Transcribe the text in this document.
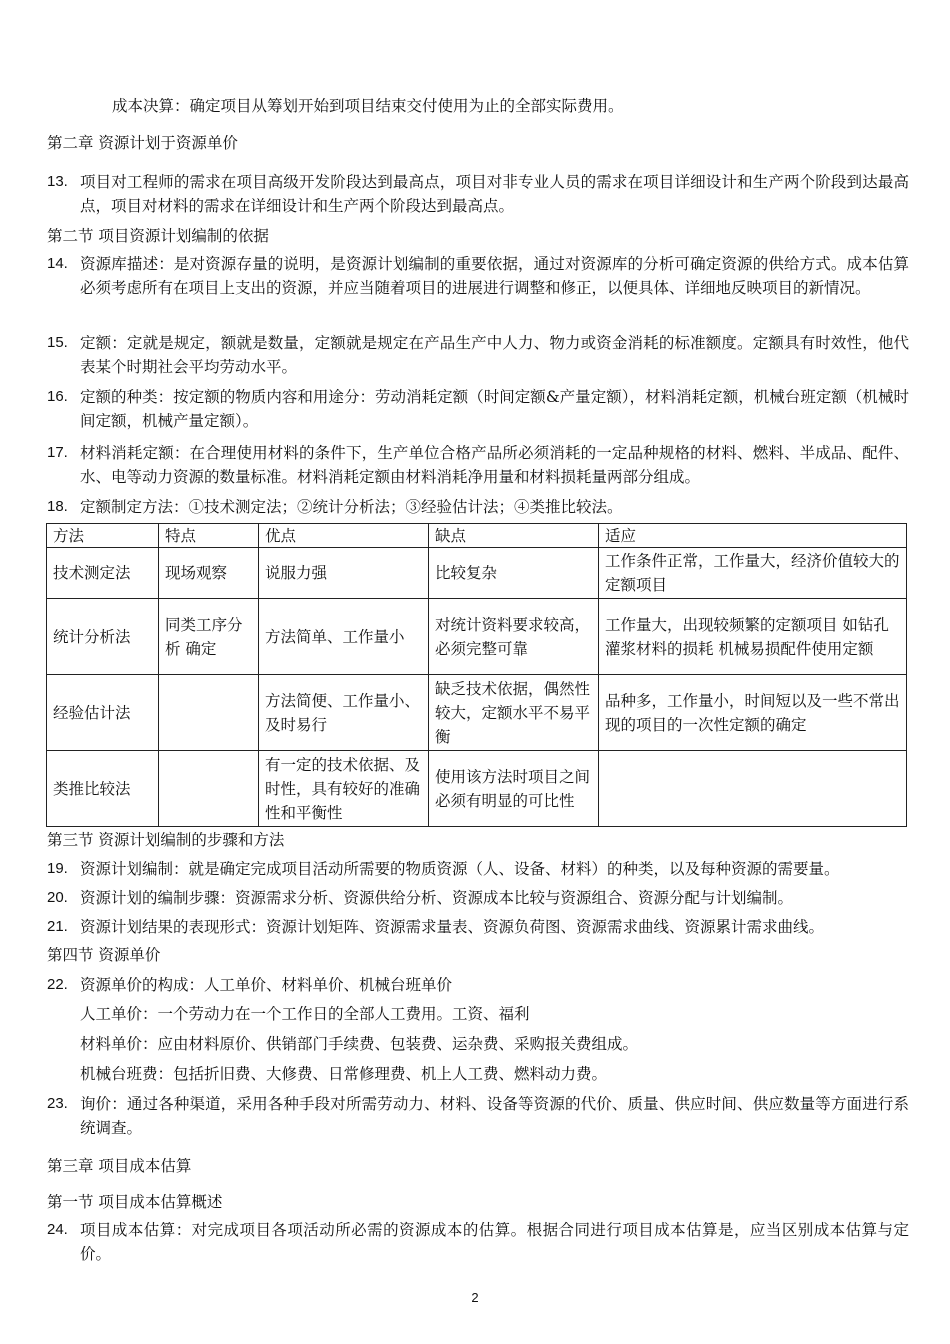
成本决算：确定项目从筹划开始到项目结束交付使用为止的全部实际费用。
第二章 资源计划于资源单价
13. 项目对工程师的需求在项目高级开发阶段达到最高点，项目对非专业人员的需求在项目详细设计和生产两个阶段到达最高点，项目对材料的需求在详细设计和生产两个阶段达到最高点。
第二节 项目资源计划编制的依据
14. 资源库描述：是对资源存量的说明，是资源计划编制的重要依据，通过对资源库的分析可确定资源的供给方式。成本估算必须考虑所有在项目上支出的资源，并应当随着项目的进展进行调整和修正，以便具体、详细地反映项目的新情况。
15. 定额：定就是规定，额就是数量，定额就是规定在产品生产中人力、物力或资金消耗的标准额度。定额具有时效性，他代表某个时期社会平均劳动水平。
16. 定额的种类：按定额的物质内容和用途分：劳动消耗定额（时间定额&产量定额），材料消耗定额，机械台班定额（机械时间定额，机械产量定额）。
17. 材料消耗定额：在合理使用材料的条件下，生产单位合格产品所必须消耗的一定品种规格的材料、燃料、半成品、配件、水、电等动力资源的数量标准。材料消耗定额由材料消耗净用量和材料损耗量两部分组成。
18. 定额制定方法：①技术测定法；②统计分析法；③经验估计法；④类推比较法。
方法	特点	优点	缺点	适应
技术测定法	现场观察	说服力强	比较复杂	工作条件正常，工作量大，经济价值较大的定额项目
统计分析法	同类工序分析 确定	方法简单、工作量小	对统计资料要求较高，必须完整可靠	工作量大，出现较频繁的定额项目 如钻孔灌浆材料的损耗 机械易损配件使用定额
经验估计法		方法简便、工作量小、及时易行	缺乏技术依据，偶然性较大，定额水平不易平衡	品种多，工作量小，时间短以及一些不常出现的项目的一次性定额的确定
类推比较法		有一定的技术依据、及时性，具有较好的准确性和平衡性	使用该方法时项目之间必须有明显的可比性	
第三节 资源计划编制的步骤和方法
19. 资源计划编制：就是确定完成项目活动所需要的物质资源（人、设备、材料）的种类，以及每种资源的需要量。
20. 资源计划的编制步骤：资源需求分析、资源供给分析、资源成本比较与资源组合、资源分配与计划编制。
21. 资源计划结果的表现形式：资源计划矩阵、资源需求量表、资源负荷图、资源需求曲线、资源累计需求曲线。
第四节 资源单价
22. 资源单价的构成：人工单价、材料单价、机械台班单价
人工单价：一个劳动力在一个工作日的全部人工费用。工资、福利
材料单价：应由材料原价、供销部门手续费、包装费、运杂费、采购报关费组成。
机械台班费：包括折旧费、大修费、日常修理费、机上人工费、燃料动力费。
23. 询价：通过各种渠道，采用各种手段对所需劳动力、材料、设备等资源的代价、质量、供应时间、供应数量等方面进行系统调查。
第三章 项目成本估算
第一节 项目成本估算概述
24. 项目成本估算：对完成项目各项活动所必需的资源成本的估算。根据合同进行项目成本估算是，应当区别成本估算与定价。
2
